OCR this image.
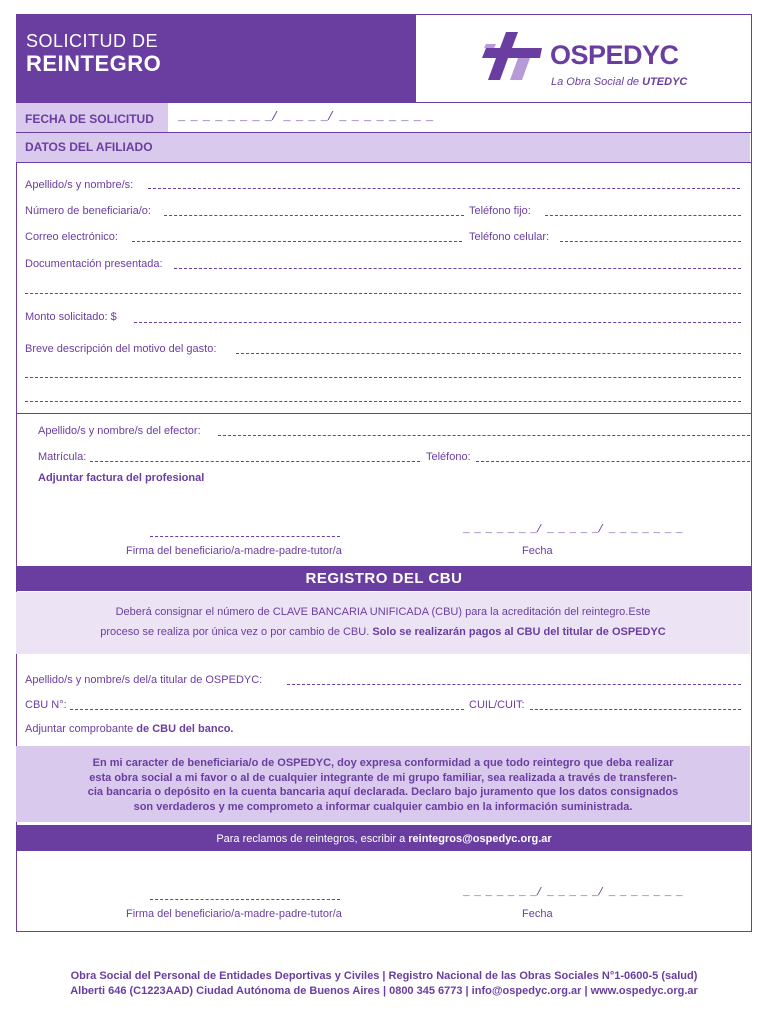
SOLICITUD DE
REINTEGRO	OSPEDYC
La Obra Social de UTEDYC
FECHA DE SOLICITUD	_ _ _ _ _ _ _ _/ _ _ _ _/ _ _ _ _ _ _ _ _
DATOS DEL AFILIADO
Apellido/s y nombre/s:
Número de beneficiaria/o:	Teléfono fijo:
Correo electrónico:	Teléfono celular:
Documentación presentada:
Monto solicitado: $
Breve descripción del motivo del gasto:
Apellido/s y nombre/s del efector:
Matrícula:	Teléfono:
Adjuntar factura del profesional
Firma del beneficiario/a-madre-padre-tutor/a
_ _ _ _ _ _ _/ _ _ _ _ _/ _ _ _ _ _ _ _
Fecha
REGISTRO DEL CBU
Deberá consignar el número de CLAVE BANCARIA UNIFICADA (CBU) para la acreditación del reintegro.Este
proceso se realiza por única vez o por cambio de CBU. Solo se realizarán pagos al CBU del titular de OSPEDYC
Apellido/s y nombre/s del/a titular de OSPEDYC:
CBU N°:	CUIL/CUIT:
Adjuntar comprobante de CBU del banco.
En mi caracter de beneficiaria/o de OSPEDYC, doy expresa conformidad a que todo reintegro que deba realizar
esta obra social a mi favor o al de cualquier integrante de mi grupo familiar, sea realizada a través de transferen-
cia bancaria o depósito en la cuenta bancaria aquí declarada. Declaro bajo juramento que los datos consignados
son verdaderos y me comprometo a informar cualquier cambio en la información suministrada.
Para reclamos de reintegros, escribir a reintegros@ospedyc.org.ar
Firma del beneficiario/a-madre-padre-tutor/a
_ _ _ _ _ _ _/ _ _ _ _ _/ _ _ _ _ _ _ _
Fecha
Obra Social del Personal de Entidades Deportivas y Civiles | Registro Nacional de las Obras Sociales N°1-0600-5 (salud)
Alberti 646 (C1223AAD) Ciudad Autónoma de Buenos Aires | 0800 345 6773 | info@ospedyc.org.ar | www.ospedyc.org.ar
